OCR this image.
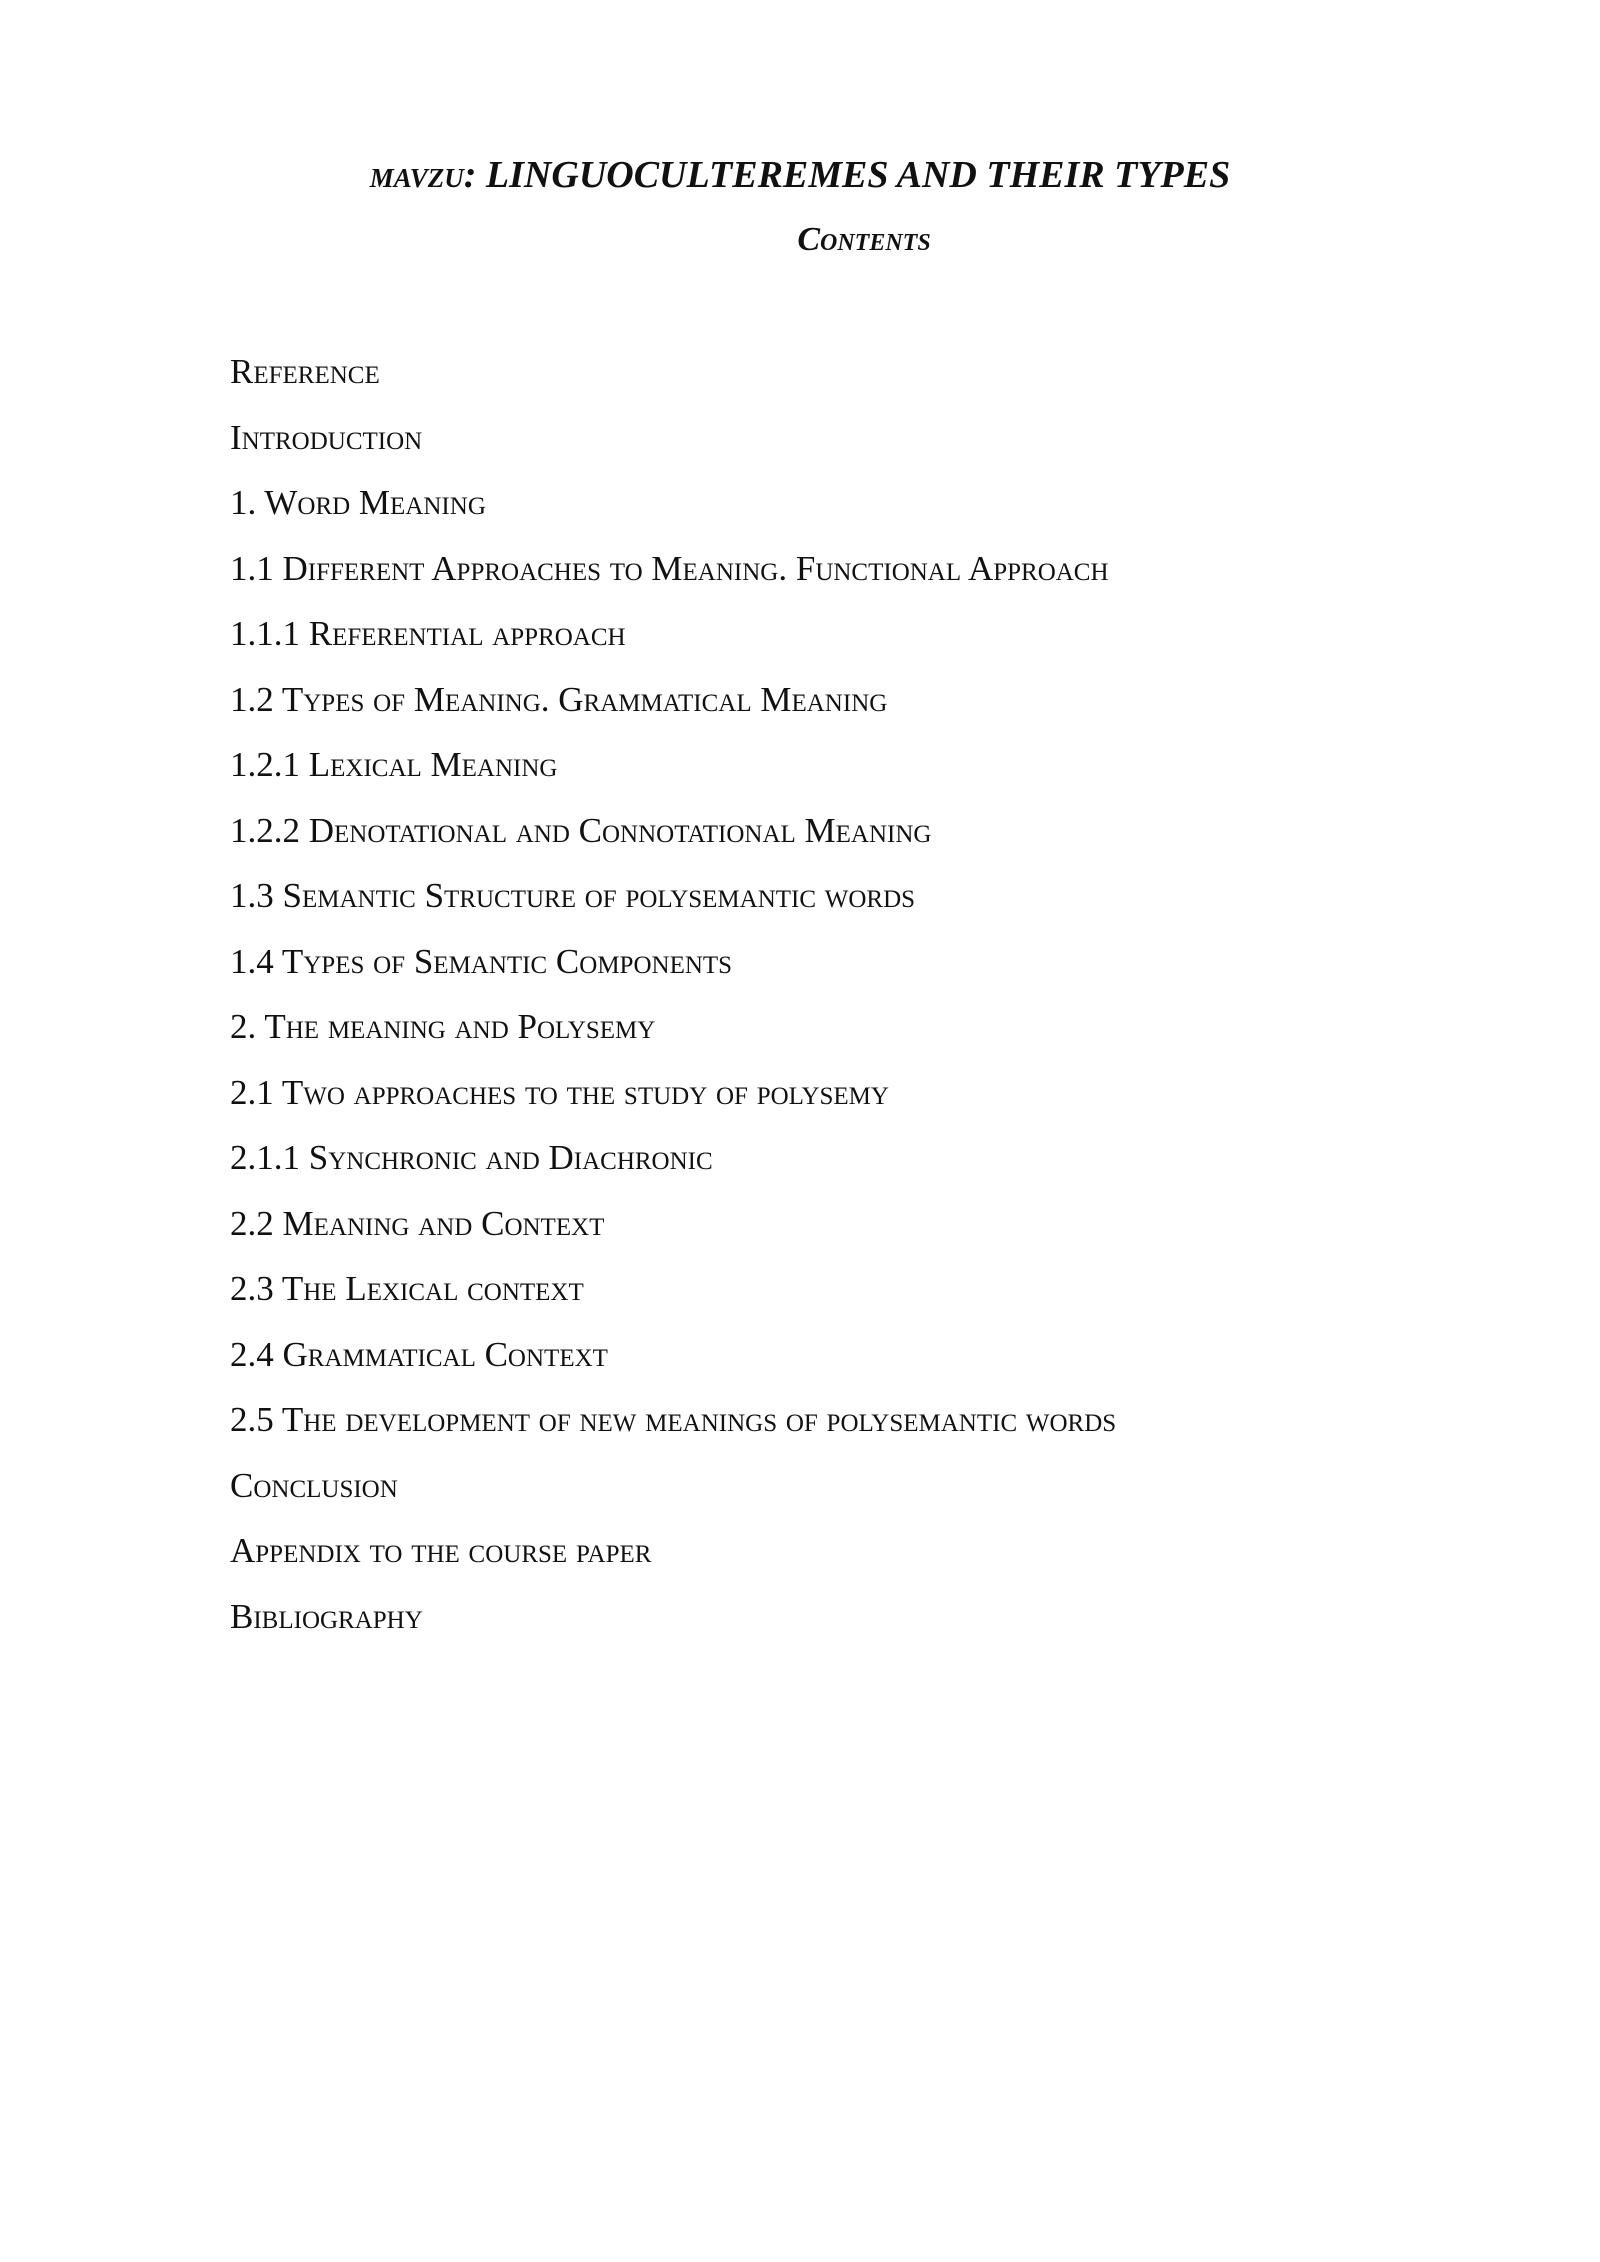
mavzu: LINGUOCULTEREMES AND THEIR TYPES
Contents
Reference
Introduction
1. Word Meaning
1.1 Different Approaches to Meaning. Functional Approach
1.1.1 Referential approach
1.2 Types of Meaning. Grammatical Meaning
1.2.1 Lexical Meaning
1.2.2 Denotational and Connotational Meaning
1.3 Semantic Structure of polysemantic words
1.4 Types of Semantic Components
2. The meaning and Polysemy
2.1 Two approaches to the study of polysemy
2.1.1 Synchronic and Diachronic
2.2 Meaning and Context
2.3 The Lexical context
2.4 Grammatical Context
2.5 The development of new meanings of polysemantic words
Conclusion
Appendix to the course paper
Bibliography
